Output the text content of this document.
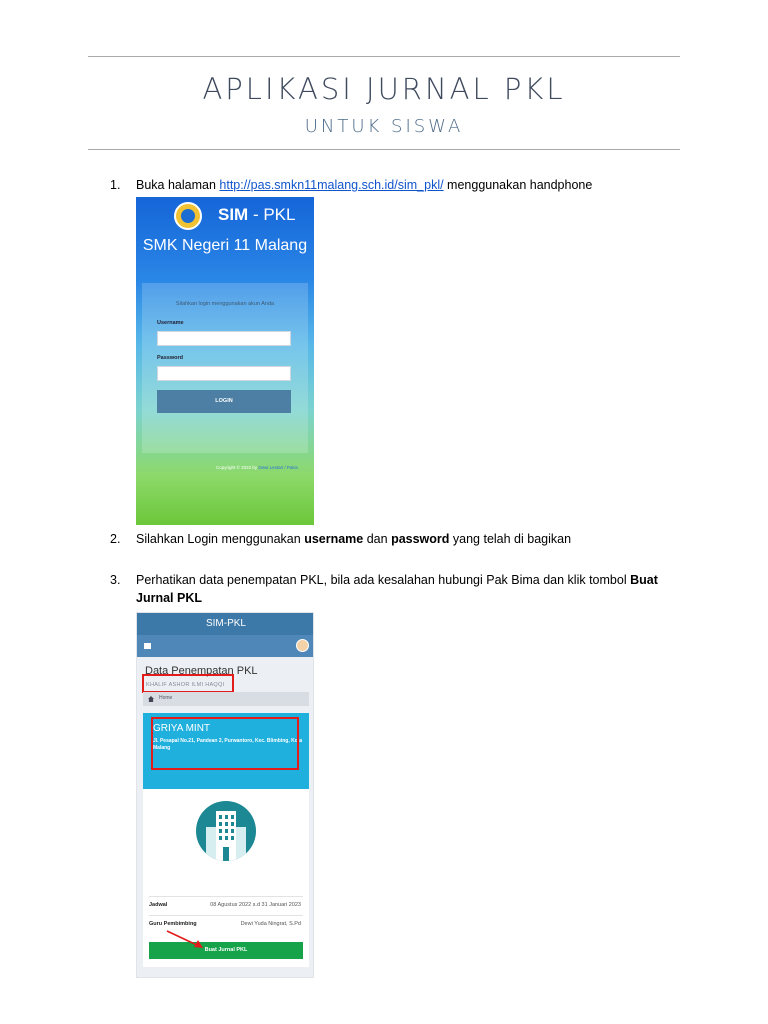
APLIKASI JURNAL PKL
UNTUK SISWA
1. Buka halaman http://pas.smkn11malang.sch.id/sim_pkl/ menggunakan handphone
SIM - PKL
SMK Negeri 11 Malang
Silahkan login menggunakan akun Anda
Username
Password
LOGIN
Copyright © 2022 by Dewi Lestari / Pakis
2. Silahkan Login menggunakan username dan password yang telah di bagikan
3. Perhatikan data penempatan PKL, bila ada kesalahan hubungi Pak Bima dan klik tombol Buat Jurnal PKL
SIM-PKL
Data Penempatan PKL
KHALIF ASHOR ILMI HAQQI
Home
GRIYA MINT
Jl. Pesapal No.21, Pandean 2, Purwantoro, Kec. Blimbing, Kota Malang
Jadwal	08 Agustus 2022 s.d 31 Januari 2023
Guru Pembimbing	Dewi Yuda Ningrat, S.Pd
Buat Jurnal PKL
